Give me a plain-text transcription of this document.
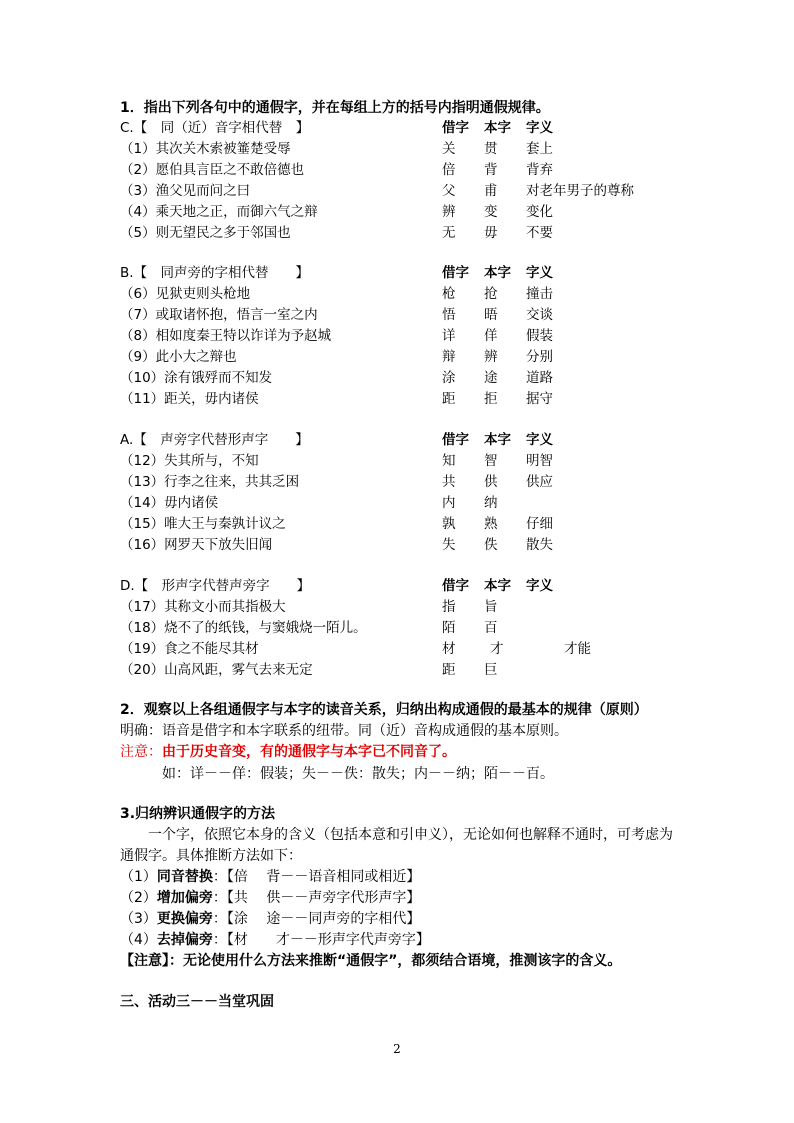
1．指出下列各句中的通假字，并在每组上方的括号内指明通假规律。
C.【　同（近）音字相代替　】	借字 本字 字义
（1）其次关木索被箠楚受辱	关 贯 套上
（2）愿伯具言臣之不敢倍德也	倍 背 背弃
（3）渔父见而问之曰	父 甫 对老年男子的尊称
（4）乘天地之正，而御六气之辩	辨 变 变化
（5）则无望民之多于邻国也	无 毋 不要
B.【　同声旁的字相代替　　】	借字 本字 字义
（6）见狱吏则头枪地	枪 抢 撞击
（7）或取诸怀抱，悟言一室之内	悟 晤 交谈
（8）相如度秦王特以诈详为予赵城	详 佯 假装
（9）此小大之辩也	辩 辨 分别
（10）涂有饿殍而不知发	涂 途 道路
（11）距关，毋内诸侯	距 拒 据守
A.【　声旁字代替形声字　　】	借字 本字 字义
（12）失其所与，不知	知 智 明智
（13）行李之往来，共其乏困	共 供 供应
（14）毋内诸侯	内 纳
（15）唯大王与秦孰计议之	孰 熟 仔细
（16）网罗天下放失旧闻	失 佚 散失
D.【　形声字代替声旁字　　】	借字 本字 字义
（17）其称文小而其指极大	指 旨
（18）烧不了的纸钱，与窦娥烧一陌儿。	陌 百
（19）食之不能尽其材	材	才	才能
（20）山高风距，雾气去来无定	距 巨
2．观察以上各组通假字与本字的读音关系，归纳出构成通假的最基本的规律（原则）
明确：语音是借字和本字联系的纽带。同（近）音构成通假的基本原则。
注意：由于历史音变，有的通假字与本字已不同音了。
如：详－－佯：假装；失－－佚：散失；内－－纳；陌－－百。
3.归纳辨识通假字的方法
一个字，依照它本身的含义（包括本意和引申义），无论如何也解释不通时，可考虑为
通假字。具体推断方法如下：
（1）同音替换：【倍　 背－－语音相同或相近】
（2）增加偏旁：【共　 供－－声旁字代形声字】
（3）更换偏旁：【涂　 途－－同声旁的字相代】
（4）去掉偏旁：【材　　才－－形声字代声旁字】
【注意】：无论使用什么方法来推断“通假字”，都须结合语境，推测该字的含义。
三、活动三－－当堂巩固
2
